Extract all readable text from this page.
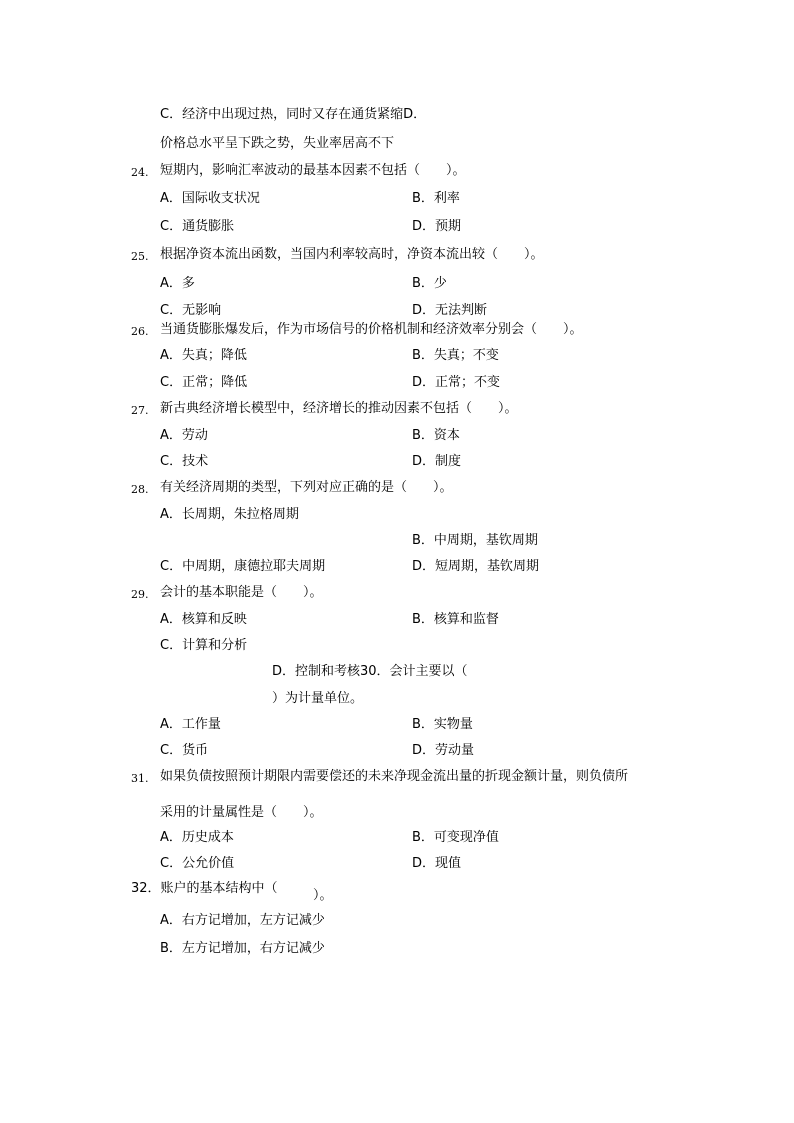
C．经济中出现过热，同时又存在通货紧缩D．
价格总水平呈下跌之势，失业率居高不下
24. 短期内，影响汇率波动的最基本因素不包括（　　）。
A．国际收支状况	B．利率
C．通货膨胀	D．预期
25. 根据净资本流出函数，当国内利率较高时，净资本流出较（　　）。
A．多	B．少
C．无影响	D．无法判断
26. 当通货膨胀爆发后，作为市场信号的价格机制和经济效率分别会（　　）。
A．失真；降低	B．失真；不变
C．正常；降低	D．正常；不变
27. 新古典经济增长模型中，经济增长的推动因素不包括（　　）。
A．劳动	B．资本
C．技术	D．制度
28. 有关经济周期的类型，下列对应正确的是（　　）。
A．长周期，朱拉格周期
B．中周期，基钦周期
C．中周期，康德拉耶夫周期	D．短周期，基钦周期
29. 会计的基本职能是（　　）。
A．核算和反映	B．核算和监督
C．计算和分析
D．控制和考核30．会计主要以（
）为计量单位。
A．工作量	B．实物量
C．货币	D．劳动量
31. 如果负债按照预计期限内需要偿还的未来净现金流出量的折现金额计量，则负债所
采用的计量属性是（　　）。
A．历史成本	B．可变现净值
C．公允价值	D．现值
32．账户的基本结构中（	）。
A．右方记增加，左方记减少
B．左方记增加，右方记减少
